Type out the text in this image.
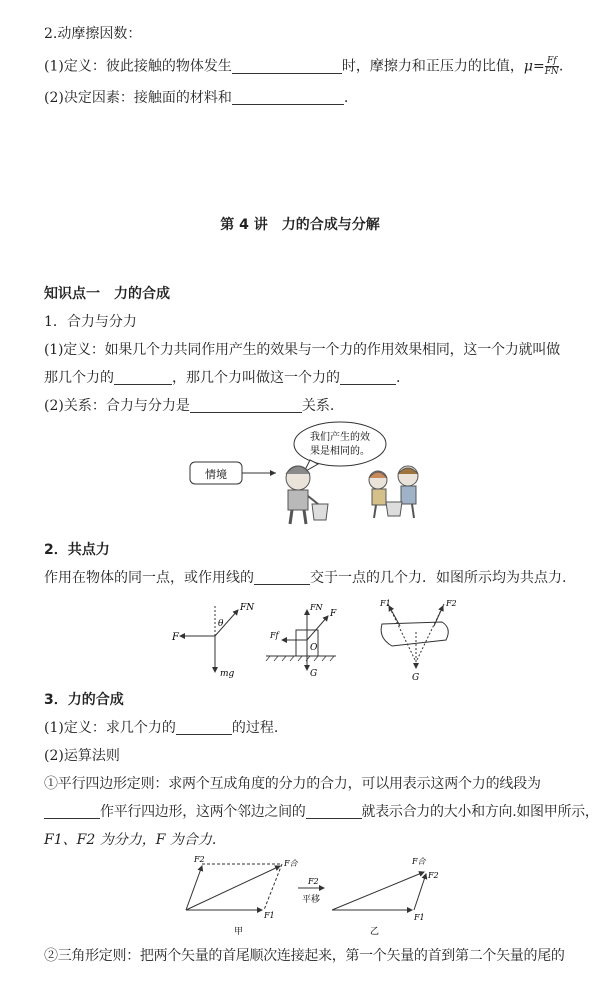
2.动摩擦因数：
(1)定义：彼此接触的物体发生	时，摩擦力和正压力的比值，$\mu= \frac{Ff}{FN}$ .
(2)决定因素：接触面的材料和	.
第 4 讲　力的合成与分解
知识点一　力的合成
1．合力与分力
(1)定义：如果几个力共同作用产生的效果与一个力的作用效果相同，这一个力就叫做
那几个力的	，那几个力叫做这一个力的	.
(2)关系：合力与分力是	关系.
情境
我们产生的效
果是相同的。
2．共点力
作用在物体的同一点，或作用线的	交于一点的几个力．如图所示均为共点力.
F
FN
θ
mg
FN
F
Ff
O
G
F1	F2
G
3．力的合成
(1)定义：求几个力的	的过程.
(2)运算法则
①平行四边形定则：求两个互成角度的分力的合力，可以用表示这两个力的线段为
作平行四边形，这两个邻边之间的	就表示合力的大小和方向.如图甲所示，
F1、F2 为分力，F 为合力.
F2	F合
F1
甲
F2
平移
F合
F2
F1
乙
②三角形定则：把两个矢量的首尾顺次连接起来，第一个矢量的首到第二个矢量的尾的
